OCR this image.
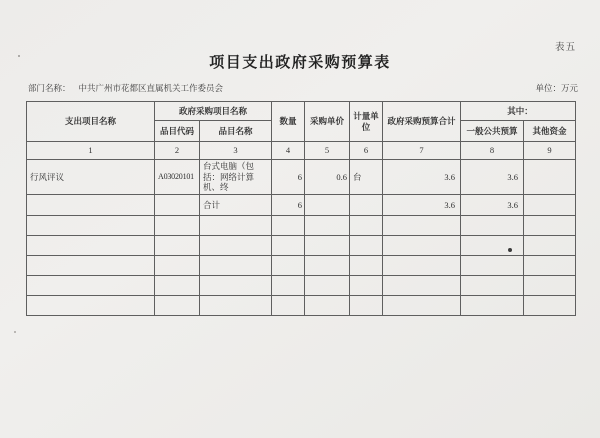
表五
项目支出政府采购预算表
部门名称： 中共广州市花都区直属机关工作委员会	单位：万元
支出项目名称	政府采购项目名称		数量	采购单价	计量单位	政府采购预算合计	其中：	
	品目代码	品目名称					一般公共预算	其他资金
1	2	3	4	5	6	7	8	9
行风评议	A03020101	台式电脑（包括：网络计算机、终	6	0.6	台	3.6	3.6	
		合计	6			3.6	3.6	
